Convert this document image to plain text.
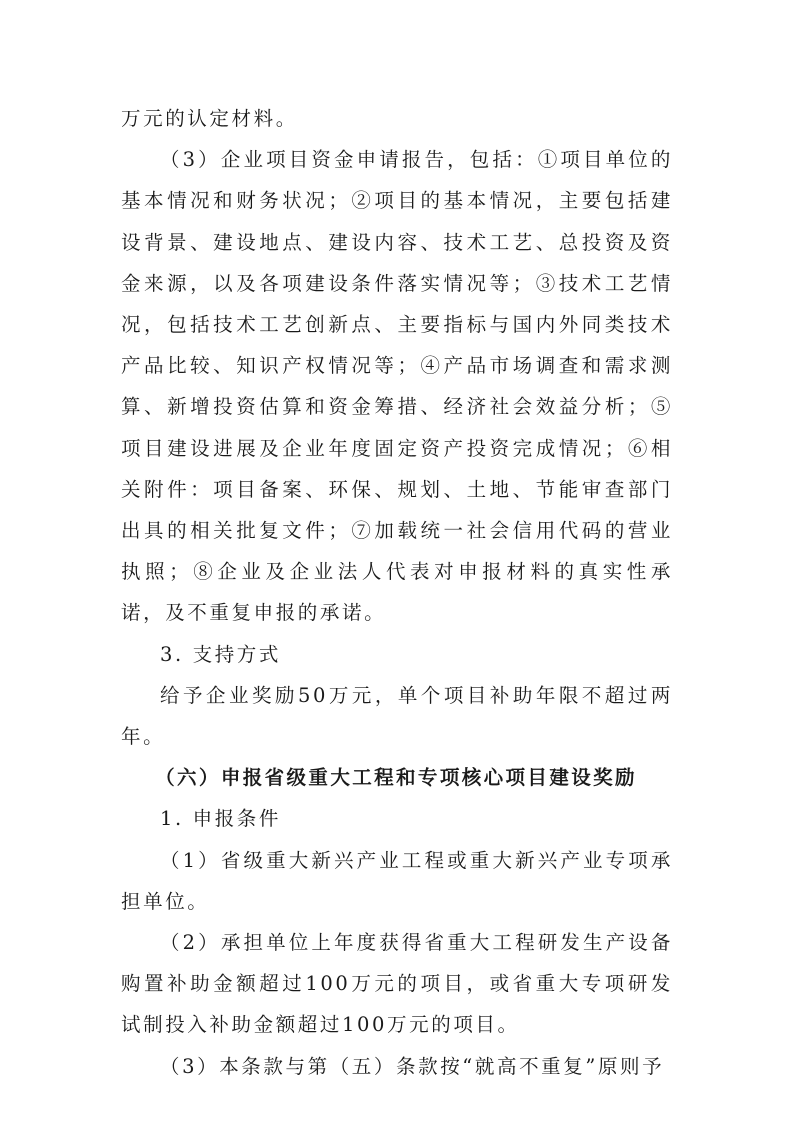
万元的认定材料。

（3）企业项目资金申请报告，包括：①项目单位的基本情况和财务状况；②项目的基本情况，主要包括建设背景、建设地点、建设内容、技术工艺、总投资及资金来源，以及各项建设条件落实情况等；③技术工艺情况，包括技术工艺创新点、主要指标与国内外同类技术产品比较、知识产权情况等；④产品市场调查和需求测算、新增投资估算和资金筹措、经济社会效益分析；⑤项目建设进展及企业年度固定资产投资完成情况；⑥相关附件：项目备案、环保、规划、土地、节能审查部门出具的相关批复文件；⑦加载统一社会信用代码的营业执照；⑧企业及企业法人代表对申报材料的真实性承诺，及不重复申报的承诺。

3. 支持方式

给予企业奖励50万元，单个项目补助年限不超过两年。

（六）申报省级重大工程和专项核心项目建设奖励

1. 申报条件

（1）省级重大新兴产业工程或重大新兴产业专项承担单位。

（2）承担单位上年度获得省重大工程研发生产设备购置补助金额超过100万元的项目，或省重大专项研发试制投入补助金额超过100万元的项目。

（3）本条款与第（五）条款按“就高不重复”原则予
